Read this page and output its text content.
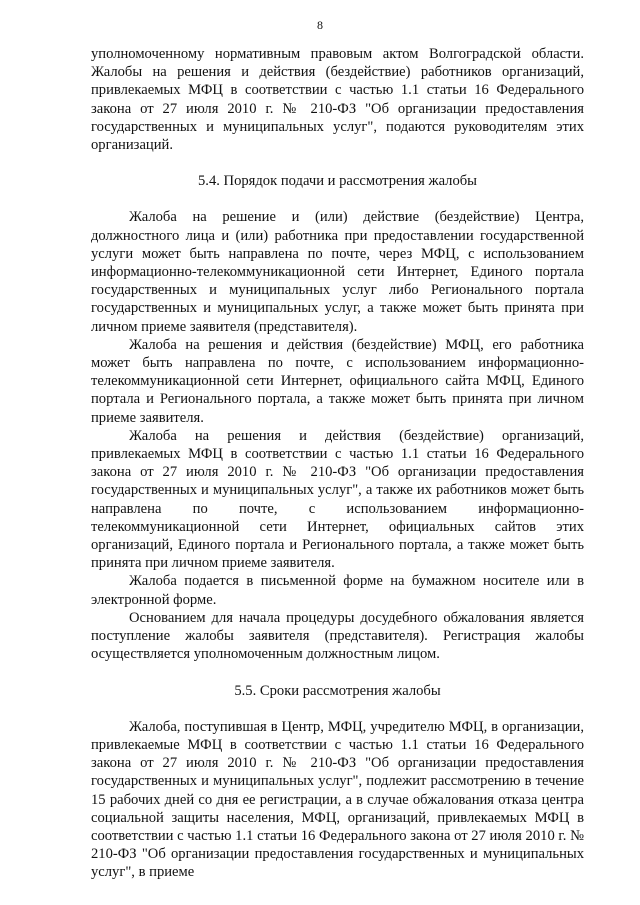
8

уполномоченному нормативным правовым актом Волгоградской области. Жалобы на решения и действия (бездействие) работников организаций, привлекаемых МФЦ в соответствии с частью 1.1 статьи 16 Федерального закона от 27 июля 2010 г. № 210-ФЗ "Об организации предоставления государственных и муниципальных услуг", подаются руководителям этих организаций.

5.4. Порядок подачи и рассмотрения жалобы

Жалоба на решение и (или) действие (бездействие) Центра, должностного лица и (или) работника при предоставлении государственной услуги может быть направлена по почте, через МФЦ, с использованием информационно-телекоммуникационной сети Интернет, Единого портала государственных и муниципальных услуг либо Регионального портала государственных и муниципальных услуг, а также может быть принята при личном приеме заявителя (представителя).

Жалоба на решения и действия (бездействие) МФЦ, его работника может быть направлена по почте, с использованием информационно-телекоммуникационной сети Интернет, официального сайта МФЦ, Единого портала и Регионального портала, а также может быть принята при личном приеме заявителя.

Жалоба на решения и действия (бездействие) организаций, привлекаемых МФЦ в соответствии с частью 1.1 статьи 16 Федерального закона от 27 июля 2010 г. № 210-ФЗ "Об организации предоставления государственных и муниципальных услуг", а также их работников может быть направлена по почте, с использованием информационно-телекоммуникационной сети Интернет, официальных сайтов этих организаций, Единого портала и Регионального портала, а также может быть принята при личном приеме заявителя.

Жалоба подается в письменной форме на бумажном носителе или в электронной форме.

Основанием для начала процедуры досудебного обжалования является поступление жалобы заявителя (представителя). Регистрация жалобы осуществляется уполномоченным должностным лицом.

5.5. Сроки рассмотрения жалобы

Жалоба, поступившая в Центр, МФЦ, учредителю МФЦ, в организации, привлекаемые МФЦ в соответствии с частью 1.1 статьи 16 Федерального закона от 27 июля 2010 г. № 210-ФЗ "Об организации предоставления государственных и муниципальных услуг", подлежит рассмотрению в течение 15 рабочих дней со дня ее регистрации, а в случае обжалования отказа центра социальной защиты населения, МФЦ, организаций, привлекаемых МФЦ в соответствии с частью 1.1 статьи 16 Федерального закона от 27 июля 2010 г. № 210-ФЗ "Об организации предоставления государственных и муниципальных услуг", в приеме
